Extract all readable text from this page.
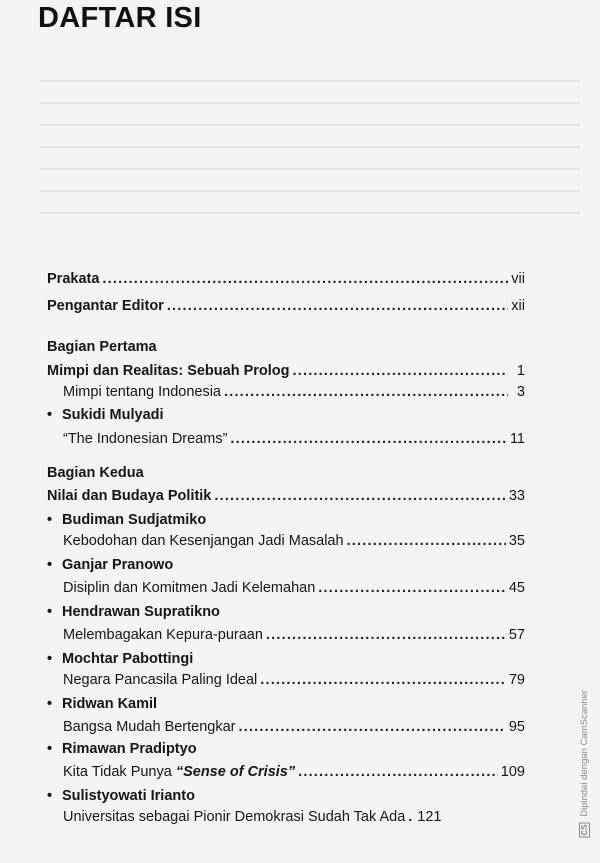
DAFTAR ISI
Prakata .....	vii
Pengantar Editor .....	xii
Bagian Pertama
Mimpi dan Realitas: Sebuah Prolog .....	1
Mimpi tentang Indonesia .....	3
• Sukidi Mulyadi
“The Indonesian Dreams” .....	11
Bagian Kedua
Nilai dan Budaya Politik .....	33
• Budiman Sudjatmiko
Kebodohan dan Kesenjangan Jadi Masalah .....	35
• Ganjar Pranowo
Disiplin dan Komitmen Jadi Kelemahan .....	45
• Hendrawan Supratikno
Melembagakan Kepura-puraan .....	57
• Mochtar Pabottingi
Negara Pancasila Paling Ideal .....	79
• Ridwan Kamil
Bangsa Mudah Bertengkar .....	95
• Rimawan Pradiptyo
Kita Tidak Punya “Sense of Crisis” .....	109
• Sulistyowati Irianto
Universitas sebagai Pionir Demokrasi Sudah Tak Ada ..... 121
CS Dipindai dengan CamScanner
